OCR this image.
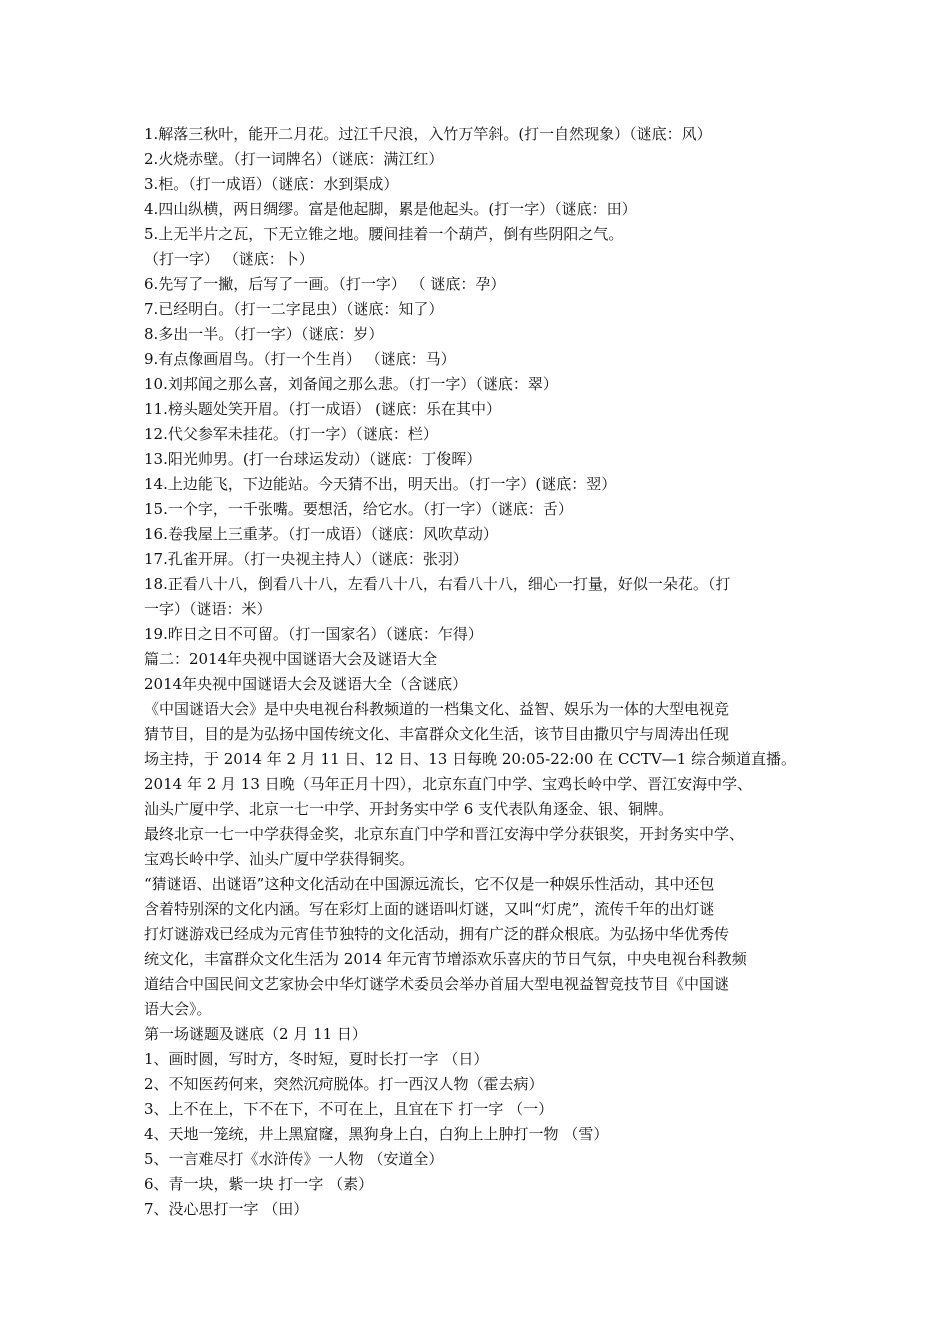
1.解落三秋叶，能开二月花。过江千尺浪，入竹万竿斜。(打一自然现象）（谜底：风）
2.火烧赤壁。（打一词牌名）（谜底：满江红）
3.柜。（打一成语）（谜底：水到渠成）
4.四山纵横，两日绸缪。富是他起脚，累是他起头。(打一字）（谜底：田）
5.上无半片之瓦，下无立锥之地。腰间挂着一个葫芦，倒有些阴阳之气。
（打一字） （谜底：卜）
6.先写了一撇，后写了一画。（打一字） （ 谜底：孕）
7.已经明白。（打一二字昆虫）（谜底：知了）
8.多出一半。（打一字）（谜底：岁）
9.有点像画眉鸟。（打一个生肖） （谜底：马）
10.刘邦闻之那么喜，刘备闻之那么悲。（打一字）（谜底：翠）
11.榜头题处笑开眉。（打一成语） (谜底：乐在其中）
12.代父参军未挂花。（打一字）（谜底：栏）
13.阳光帅男。(打一台球运发动）（谜底：丁俊晖）
14.上边能飞，下边能站。今天猜不出，明天出。（打一字）(谜底：翌）
15.一个字，一千张嘴。要想活，给它水。（打一字）（谜底：舌）
16.卷我屋上三重茅。（打一成语）（谜底：风吹草动）
17.孔雀开屏。（打一央视主持人）（谜底：张羽）
18.正看八十八，倒看八十八，左看八十八，右看八十八，细心一打量，好似一朵花。（打
一字）（谜语：米）
19.昨日之日不可留。（打一国家名）（谜底：乍得）
篇二：2014年央视中国谜语大会及谜语大全
2014年央视中国谜语大会及谜语大全（含谜底）
《中国谜语大会》是中央电视台科教频道的一档集文化、益智、娱乐为一体的大型电视竞
猜节目，目的是为弘扬中国传统文化、丰富群众文化生活，该节目由撒贝宁与周涛出任现
场主持，于 2014 年 2 月 11 日、12 日、13 日每晚 20:05-22:00 在 CCTV—1 综合频道直播。
2014 年 2 月 13 日晚（马年正月十四），北京东直门中学、宝鸡长岭中学、晋江安海中学、
汕头广厦中学、北京一七一中学、开封务实中学 6 支代表队角逐金、银、铜牌。
最终北京一七一中学获得金奖，北京东直门中学和晋江安海中学分获银奖，开封务实中学、
宝鸡长岭中学、汕头广厦中学获得铜奖。
“猜谜语、出谜语”这种文化活动在中国源远流长，它不仅是一种娱乐性活动，其中还包
含着特别深的文化内涵。写在彩灯上面的谜语叫灯谜，又叫“灯虎”，流传千年的出灯谜
打灯谜游戏已经成为元宵佳节独特的文化活动，拥有广泛的群众根底。为弘扬中华优秀传
统文化，丰富群众文化生活为 2014 年元宵节增添欢乐喜庆的节日气氛，中央电视台科教频
道结合中国民间文艺家协会中华灯谜学术委员会举办首届大型电视益智竞技节目《中国谜
语大会》。
第一场谜题及谜底（2 月 11 日）
1、画时圆，写时方，冬时短，夏时长打一字 （日）
2、不知医药何来，突然沉疴脱体。打一西汉人物（霍去病）
3、上不在上，下不在下，不可在上，且宜在下 打一字 （一）
4、天地一笼统，井上黑窟窿，黑狗身上白，白狗上上肿打一物 （雪）
5、一言难尽打《水浒传》一人物 （安道全）
6、青一块，紫一块 打一字 （素）
7、没心思打一字 （田）
